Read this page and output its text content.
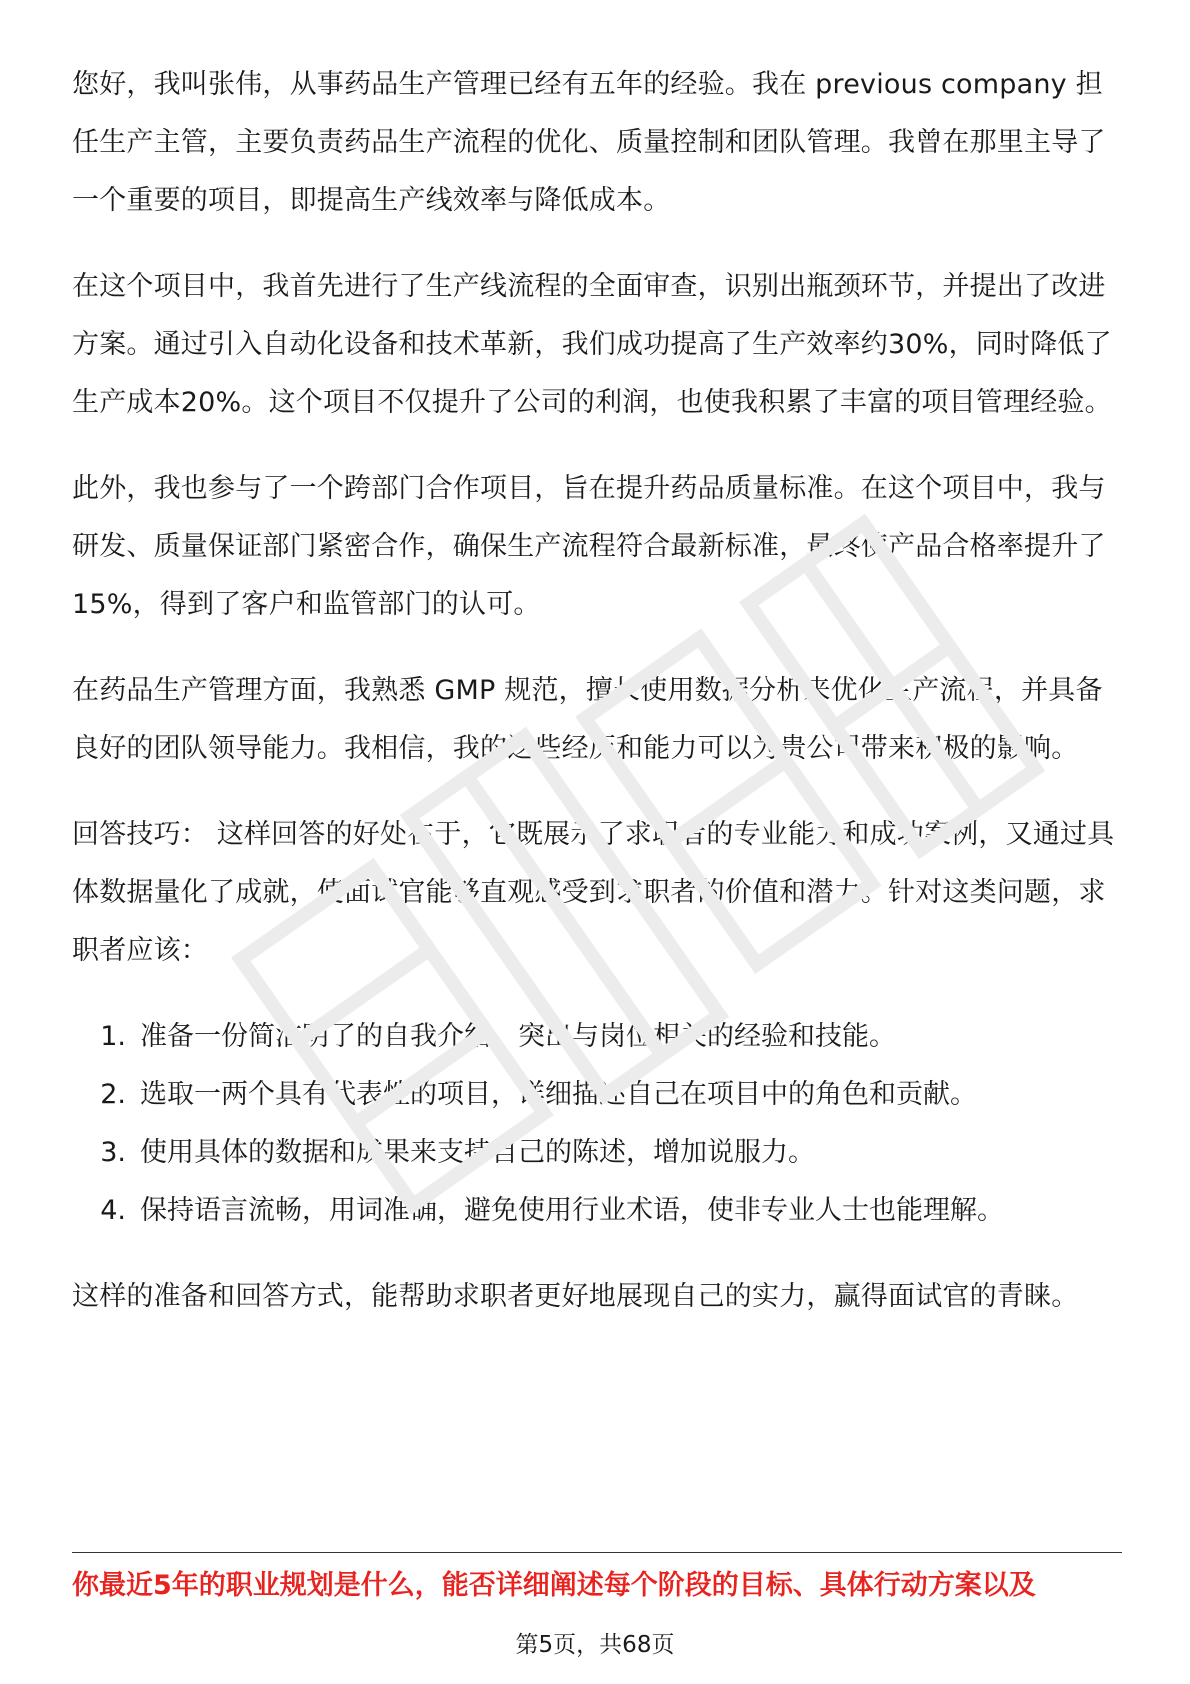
您好，我叫张伟，从事药品生产管理已经有五年的经验。我在 previous company 担任生产主管，主要负责药品生产流程的优化、质量控制和团队管理。我曾在那里主导了一个重要的项目，即提高生产线效率与降低成本。

在这个项目中，我首先进行了生产线流程的全面审查，识别出瓶颈环节，并提出了改进方案。通过引入自动化设备和技术革新，我们成功提高了生产效率约30%，同时降低了生产成本20%。这个项目不仅提升了公司的利润，也使我积累了丰富的项目管理经验。

此外，我也参与了一个跨部门合作项目，旨在提升药品质量标准。在这个项目中，我与研发、质量保证部门紧密合作，确保生产流程符合最新标准，最终使产品合格率提升了15%，得到了客户和监管部门的认可。

在药品生产管理方面，我熟悉 GMP 规范，擅长使用数据分析来优化生产流程，并具备良好的团队领导能力。我相信，我的这些经历和能力可以为贵公司带来积极的影响。

回答技巧： 这样回答的好处在于，它既展示了求职者的专业能力和成功案例，又通过具体数据量化了成就，使面试官能够直观感受到求职者的价值和潜力。针对这类问题，求职者应该：

1. 准备一份简洁明了的自我介绍，突出与岗位相关的经验和技能。
2. 选取一两个具有代表性的项目，详细描述自己在项目中的角色和贡献。
3. 使用具体的数据和成果来支持自己的陈述，增加说服力。
4. 保持语言流畅，用词准确，避免使用行业术语，使非专业人士也能理解。

这样的准备和回答方式，能帮助求职者更好地展现自己的实力，赢得面试官的青睐。

你最近5年的职业规划是什么，能否详细阐述每个阶段的目标、具体行动方案以及
第5页，共68页
